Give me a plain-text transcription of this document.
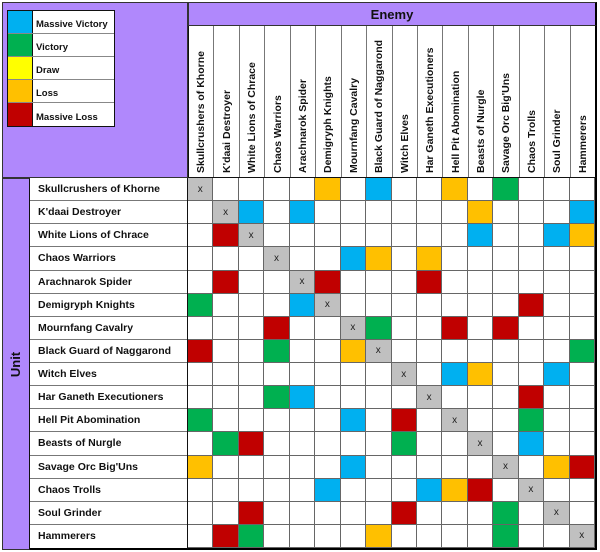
Massive Victory
Victory
Draw
Loss
Massive Loss
Enemy
Skullcrushers of Khorne K'daai Destroyer White Lions of Chrace Chaos Warriors Arachnarok Spider Demigryph Knights Mournfang Cavalry Black Guard of Naggarond Witch Elves Har Ganeth Executioners Hell Pit Abomination Beasts of Nurgle Savage Orc Big'Uns Chaos Trolls Soul Grinder Hammerers
Unit
Skullcrushers of Khorne
K'daai Destroyer
White Lions of Chrace
Chaos Warriors
Arachnarok Spider
Demigryph Knights
Mournfang Cavalry
Black Guard of Naggarond
Witch Elves
Har Ganeth Executioners
Hell Pit Abomination
Beasts of Nurgle
Savage Orc Big'Uns
Chaos Trolls
Soul Grinder
Hammerers
x
x
x
x
x
x
x
x
x
x
x
x
x
x
x
x
